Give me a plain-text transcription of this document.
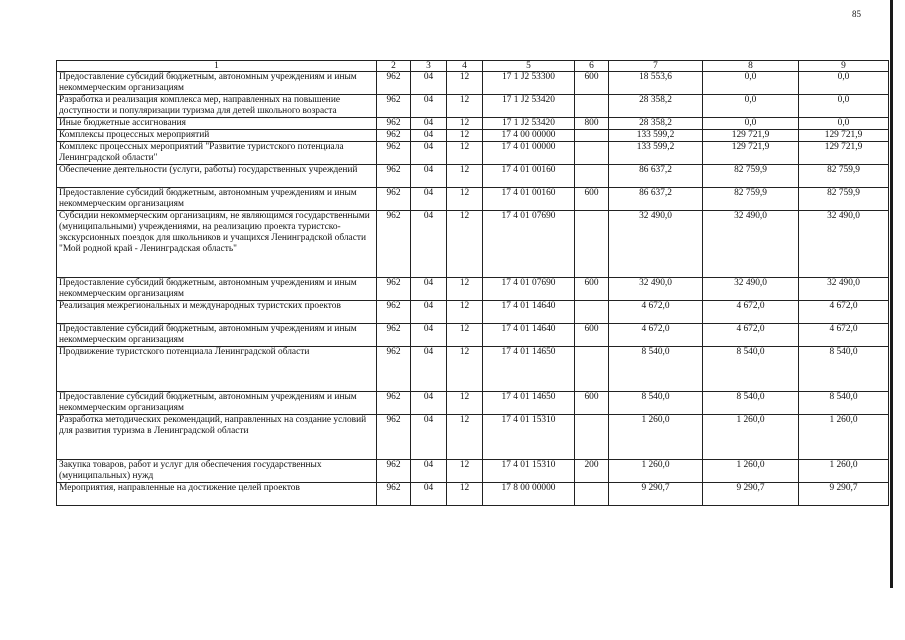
85
1	2	3	4	5	6	7	8	9
Предоставление субсидий бюджетным, автономным учреждениям и иным некоммерческим организациям	962	04	12	17 1 J2 53300	600	18 553,6	0,0	0,0
Разработка и реализация комплекса мер, направленных на повышение доступности и популяризации туризма для детей школьного возраста	962	04	12	17 1 J2 53420		28 358,2	0,0	0,0
Иные бюджетные ассигнования	962	04	12	17 1 J2 53420	800	28 358,2	0,0	0,0
Комплексы процессных мероприятий	962	04	12	17 4 00 00000		133 599,2	129 721,9	129 721,9
Комплекс процессных мероприятий "Развитие туристского потенциала Ленинградской области"	962	04	12	17 4 01 00000		133 599,2	129 721,9	129 721,9
Обеспечение деятельности (услуги, работы) государственных учреждений	962	04	12	17 4 01 00160		86 637,2	82 759,9	82 759,9
Предоставление субсидий бюджетным, автономным учреждениям и иным некоммерческим организациям	962	04	12	17 4 01 00160	600	86 637,2	82 759,9	82 759,9
Субсидии некоммерческим организациям, не являющимся государственными (муниципальными) учреждениями, на реализацию проекта туристско-экскурсионных поездок для школьников и учащихся Ленинградской области "Мой родной край - Ленинградская область"	962	04	12	17 4 01 07690		32 490,0	32 490,0	32 490,0
Предоставление субсидий бюджетным, автономным учреждениям и иным некоммерческим организациям	962	04	12	17 4 01 07690	600	32 490,0	32 490,0	32 490,0
Реализация межрегиональных и международных туристских проектов	962	04	12	17 4 01 14640		4 672,0	4 672,0	4 672,0
Предоставление субсидий бюджетным, автономным учреждениям и иным некоммерческим организациям	962	04	12	17 4 01 14640	600	4 672,0	4 672,0	4 672,0
Продвижение туристского потенциала Ленинградской области	962	04	12	17 4 01 14650		8 540,0	8 540,0	8 540,0
Предоставление субсидий бюджетным, автономным учреждениям и иным некоммерческим организациям	962	04	12	17 4 01 14650	600	8 540,0	8 540,0	8 540,0
Разработка методических рекомендаций, направленных на создание условий для развития туризма в Ленинградской области	962	04	12	17 4 01 15310		1 260,0	1 260,0	1 260,0
Закупка товаров, работ и услуг для обеспечения государственных (муниципальных) нужд	962	04	12	17 4 01 15310	200	1 260,0	1 260,0	1 260,0
Мероприятия, направленные на достижение целей проектов	962	04	12	17 8 00 00000		9 290,7	9 290,7	9 290,7
